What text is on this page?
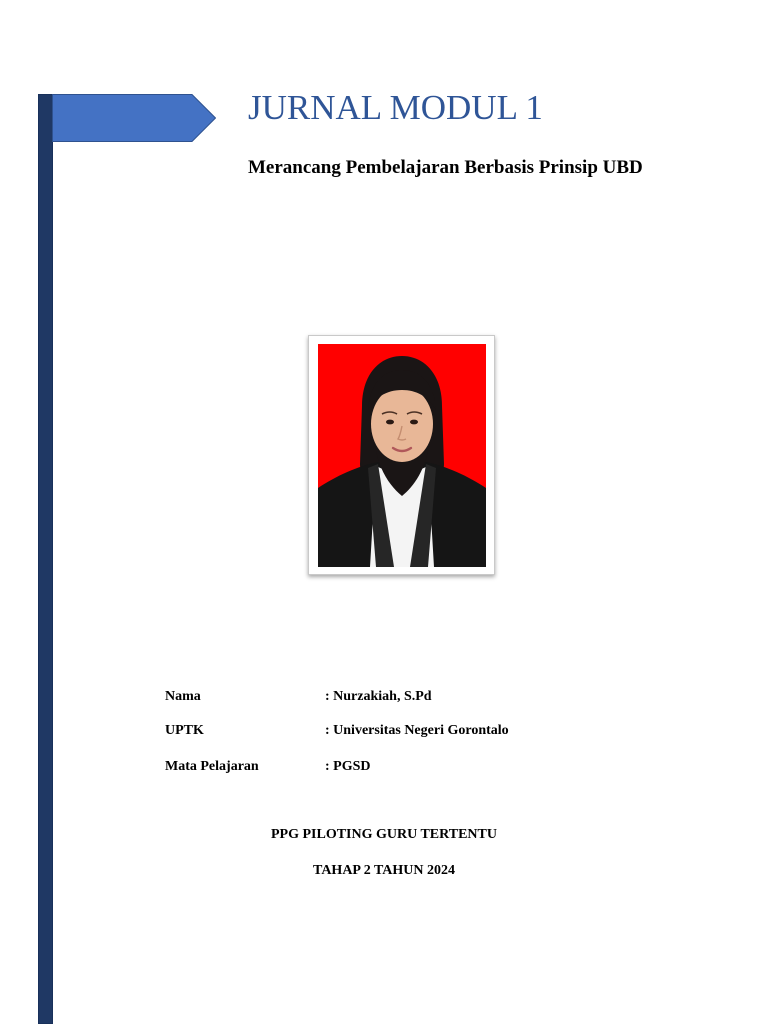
JURNAL MODUL 1
Merancang Pembelajaran Berbasis Prinsip UBD
Nama	: Nurzakiah, S.Pd
UPTK	: Universitas Negeri Gorontalo
Mata Pelajaran	: PGSD
PPG PILOTING GURU TERTENTU
TAHAP 2 TAHUN 2024
